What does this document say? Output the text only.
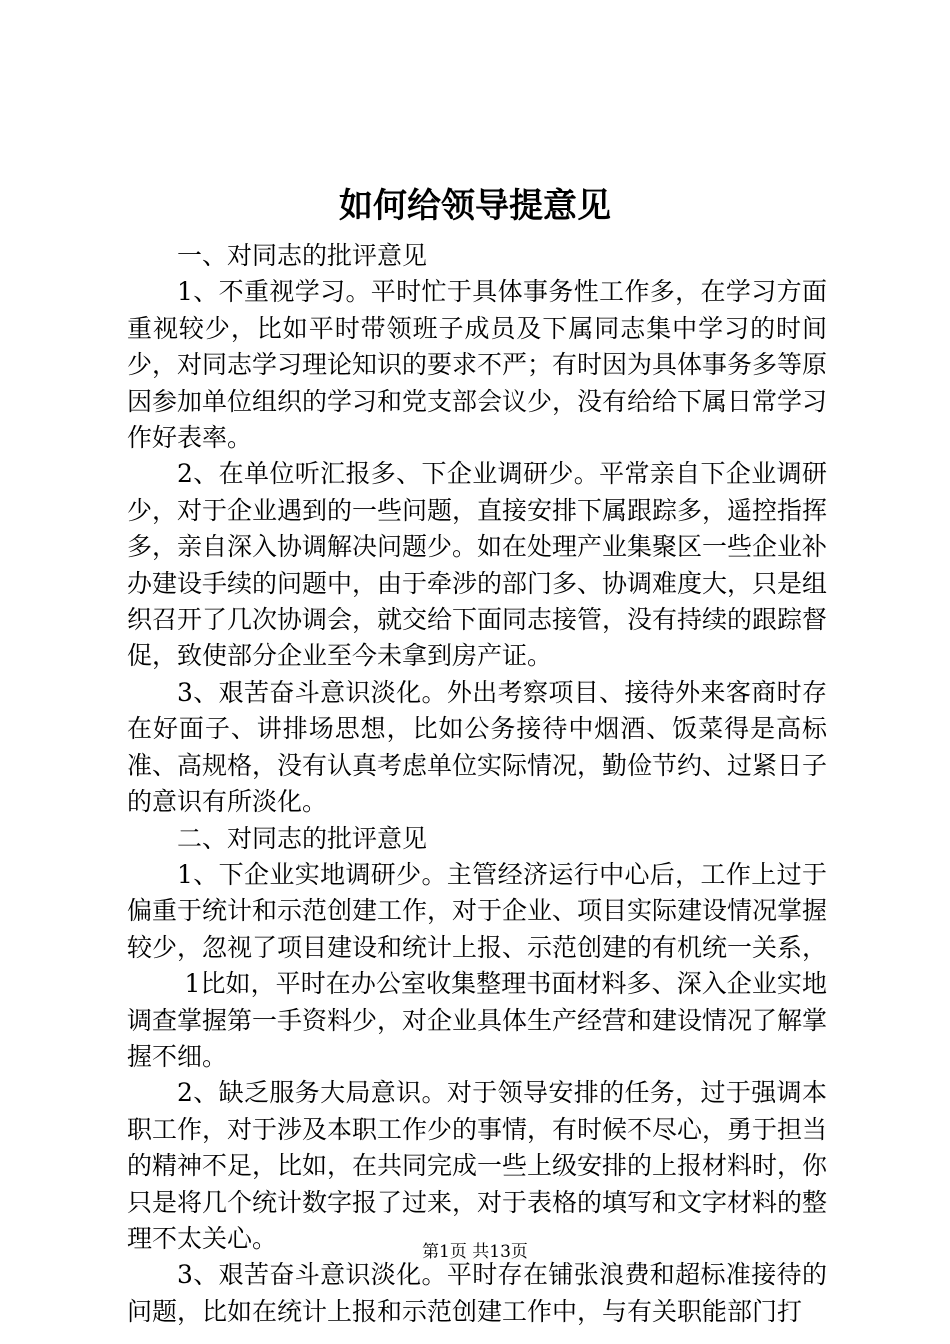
如何给领导提意见

一、对同志的批评意见

1、不重视学习。平时忙于具体事务性工作多，在学习方面重视较少，比如平时带领班子成员及下属同志集中学习的时间少，对同志学习理论知识的要求不严；有时因为具体事务多等原因参加单位组织的学习和党支部会议少，没有给给下属日常学习作好表率。

2、在单位听汇报多、下企业调研少。平常亲自下企业调研少，对于企业遇到的一些问题，直接安排下属跟踪多，遥控指挥多，亲自深入协调解决问题少。如在处理产业集聚区一些企业补办建设手续的问题中，由于牵涉的部门多、协调难度大，只是组织召开了几次协调会，就交给下面同志接管，没有持续的跟踪督促，致使部分企业至今未拿到房产证。

3、艰苦奋斗意识淡化。外出考察项目、接待外来客商时存在好面子、讲排场思想，比如公务接待中烟酒、饭菜得是高标准、高规格，没有认真考虑单位实际情况，勤俭节约、过紧日子的意识有所淡化。

二、对同志的批评意见

1、下企业实地调研少。主管经济运行中心后，工作上过于偏重于统计和示范创建工作，对于企业、项目实际建设情况掌握较少，忽视了项目建设和统计上报、示范创建的有机统一关系，

1比如，平时在办公室收集整理书面材料多、深入企业实地调查掌握第一手资料少，对企业具体生产经营和建设情况了解掌握不细。

2、缺乏服务大局意识。对于领导安排的任务，过于强调本职工作，对于涉及本职工作少的事情，有时候不尽心，勇于担当的精神不足，比如，在共同完成一些上级安排的上报材料时，你只是将几个统计数字报了过来，对于表格的填写和文字材料的整理不太关心。

3、艰苦奋斗意识淡化。平时存在铺张浪费和超标准接待的问题，比如在统计上报和示范创建工作中，与有关职能部门打

第1页 共13页
